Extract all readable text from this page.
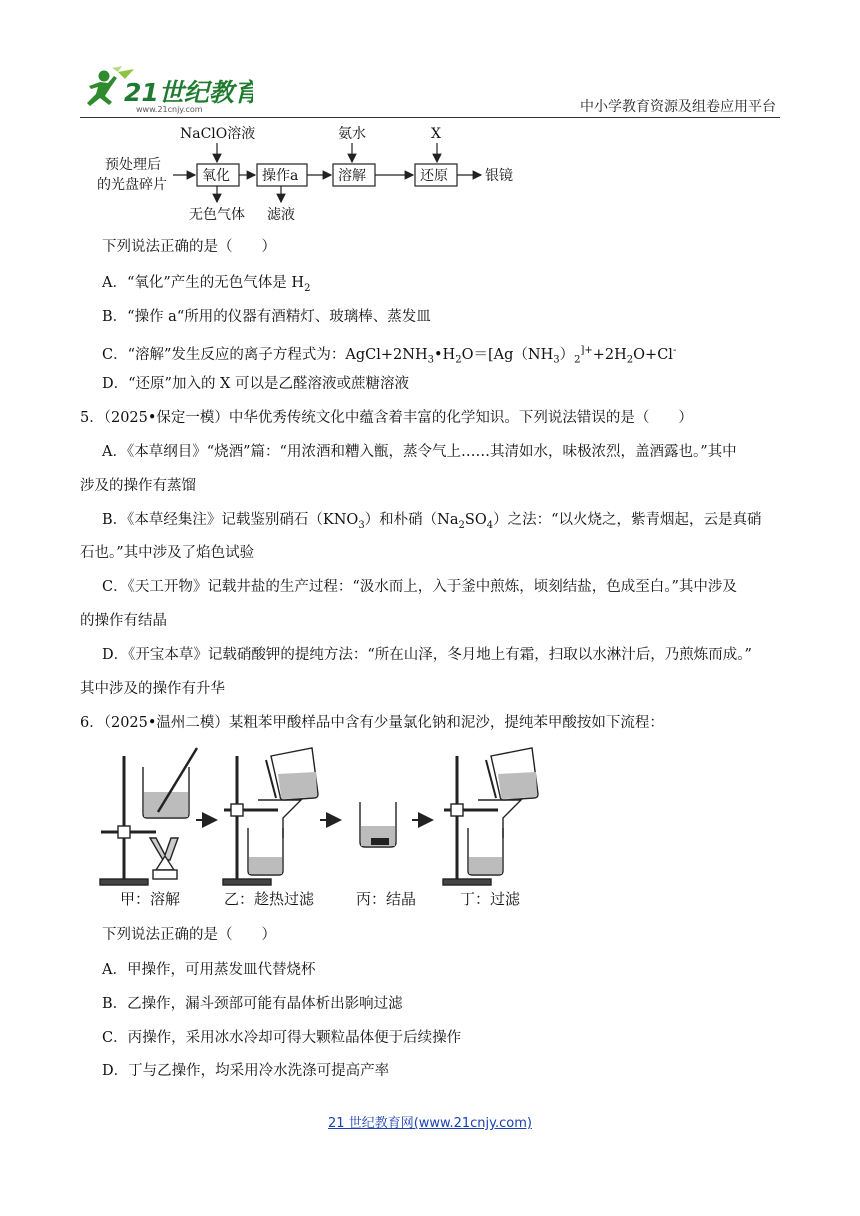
21世纪教育
www.21cnjy.com	中小学教育资源及组卷应用平台
NaClO溶液	氨水	X
预处理后
的光盘碎片
氧化 操作a	溶解	还原	银镜
无色气体 滤液
下列说法正确的是（　　）
A．“氧化”产生的无色气体是 $H_2$
B．“操作 a“所用的仪器有酒精灯、玻璃棒、蒸发皿
C．“溶解”发生反应的离子方程式为：$AgCl+2NH_3•H_2O=[Ag(NH_3)_2^{]+}+2H_2O+Cl^-$
D．“还原”加入的 X 可以是乙醛溶液或蔗糖溶液
5．（2025•保定一模）中华优秀传统文化中蕴含着丰富的化学知识。下列说法错误的是（　　）
A．《本草纲目》“烧酒”篇：“用浓酒和糟入甑，蒸令气上……其清如水，味极浓烈，盖酒露也。”其中
涉及的操作有蒸馏
B．《本草经集注》记载鉴别硝石$(KNO_3)$和朴硝$(Na_2SO_4)$之法：“以火烧之，紫青烟起，云是真硝
石也。”其中涉及了焰色试验
C．《天工开物》记载井盐的生产过程：“汲水而上，入于釜中煎炼，顷刻结盐，色成至白。”其中涉及
的操作有结晶
D．《开宝本草》记载硝酸钾的提纯方法：“所在山泽，冬月地上有霜，扫取以水淋汁后，乃煎炼而成。”
其中涉及的操作有升华
6．（2025•温州二模）某粗苯甲酸样品中含有少量氯化钠和泥沙，提纯苯甲酸按如下流程：
甲：溶解	乙：趁热过滤	丙：结晶	丁：过滤
下列说法正确的是（　　）
A．甲操作，可用蒸发皿代替烧杯
B．乙操作，漏斗颈部可能有晶体析出影响过滤
C．丙操作，采用冰水冷却可得大颗粒晶体便于后续操作
D．丁与乙操作，均采用冷水洗涤可提高产率
21 世纪教育网(www.21cnjy.com)
